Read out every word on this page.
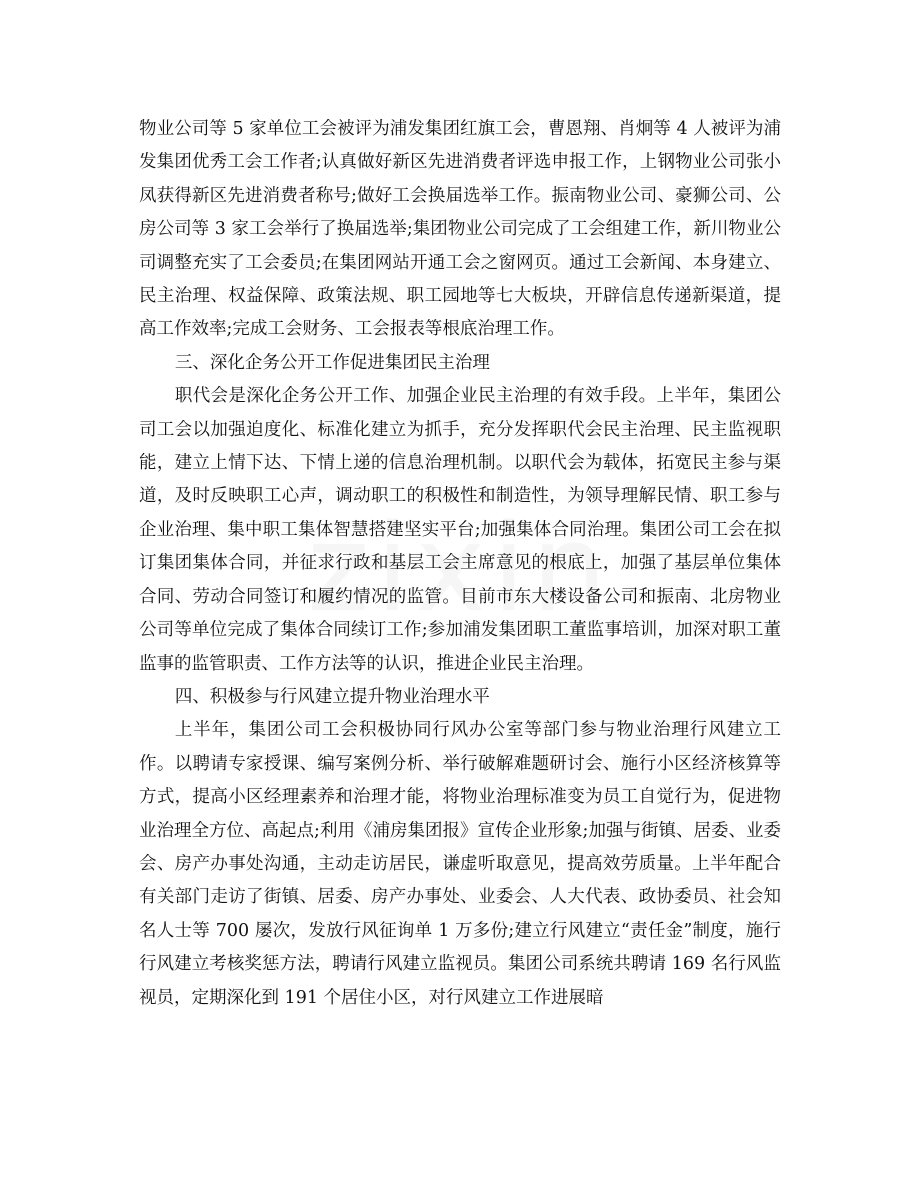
物业公司等 5 家单位工会被评为浦发集团红旗工会，曹恩翔、肖炯等 4 人被评为浦发集团优秀工会工作者;认真做好新区先进消费者评选申报工作，上钢物业公司张小凤获得新区先进消费者称号;做好工会换届选举工作。振南物业公司、豪狮公司、公房公司等 3 家工会举行了换届选举;集团物业公司完成了工会组建工作，新川物业公司调整充实了工会委员;在集团网站开通工会之窗网页。通过工会新闻、本身建立、民主治理、权益保障、政策法规、职工园地等七大板块，开辟信息传递新渠道，提高工作效率;完成工会财务、工会报表等根底治理工作。

三、深化企务公开工作促进集团民主治理

职代会是深化企务公开工作、加强企业民主治理的有效手段。上半年，集团公司工会以加强迫度化、标准化建立为抓手，充分发挥职代会民主治理、民主监视职能，建立上情下达、下情上递的信息治理机制。以职代会为载体，拓宽民主参与渠道，及时反映职工心声，调动职工的积极性和制造性，为领导理解民情、职工参与企业治理、集中职工集体智慧搭建坚实平台;加强集体合同治理。集团公司工会在拟订集团集体合同，并征求行政和基层工会主席意见的根底上，加强了基层单位集体合同、劳动合同签订和履约情况的监管。目前市东大楼设备公司和振南、北房物业公司等单位完成了集体合同续订工作;参加浦发集团职工董监事培训，加深对职工董监事的监管职责、工作方法等的认识，推进企业民主治理。

四、积极参与行风建立提升物业治理水平

上半年，集团公司工会积极协同行风办公室等部门参与物业治理行风建立工作。以聘请专家授课、编写案例分析、举行破解难题研讨会、施行小区经济核算等方式，提高小区经理素养和治理才能，将物业治理标准变为员工自觉行为，促进物业治理全方位、高起点;利用《浦房集团报》宣传企业形象;加强与街镇、居委、业委会、房产办事处沟通，主动走访居民，谦虚听取意见，提高效劳质量。上半年配合有关部门走访了街镇、居委、房产办事处、业委会、人大代表、政协委员、社会知名人士等 700 屡次，发放行风征询单 1 万多份;建立行风建立“责任金”制度，施行行风建立考核奖惩方法，聘请行风建立监视员。集团公司系统共聘请 169 名行风监视员，定期深化到 191 个居住小区，对行风建立工作进展暗
